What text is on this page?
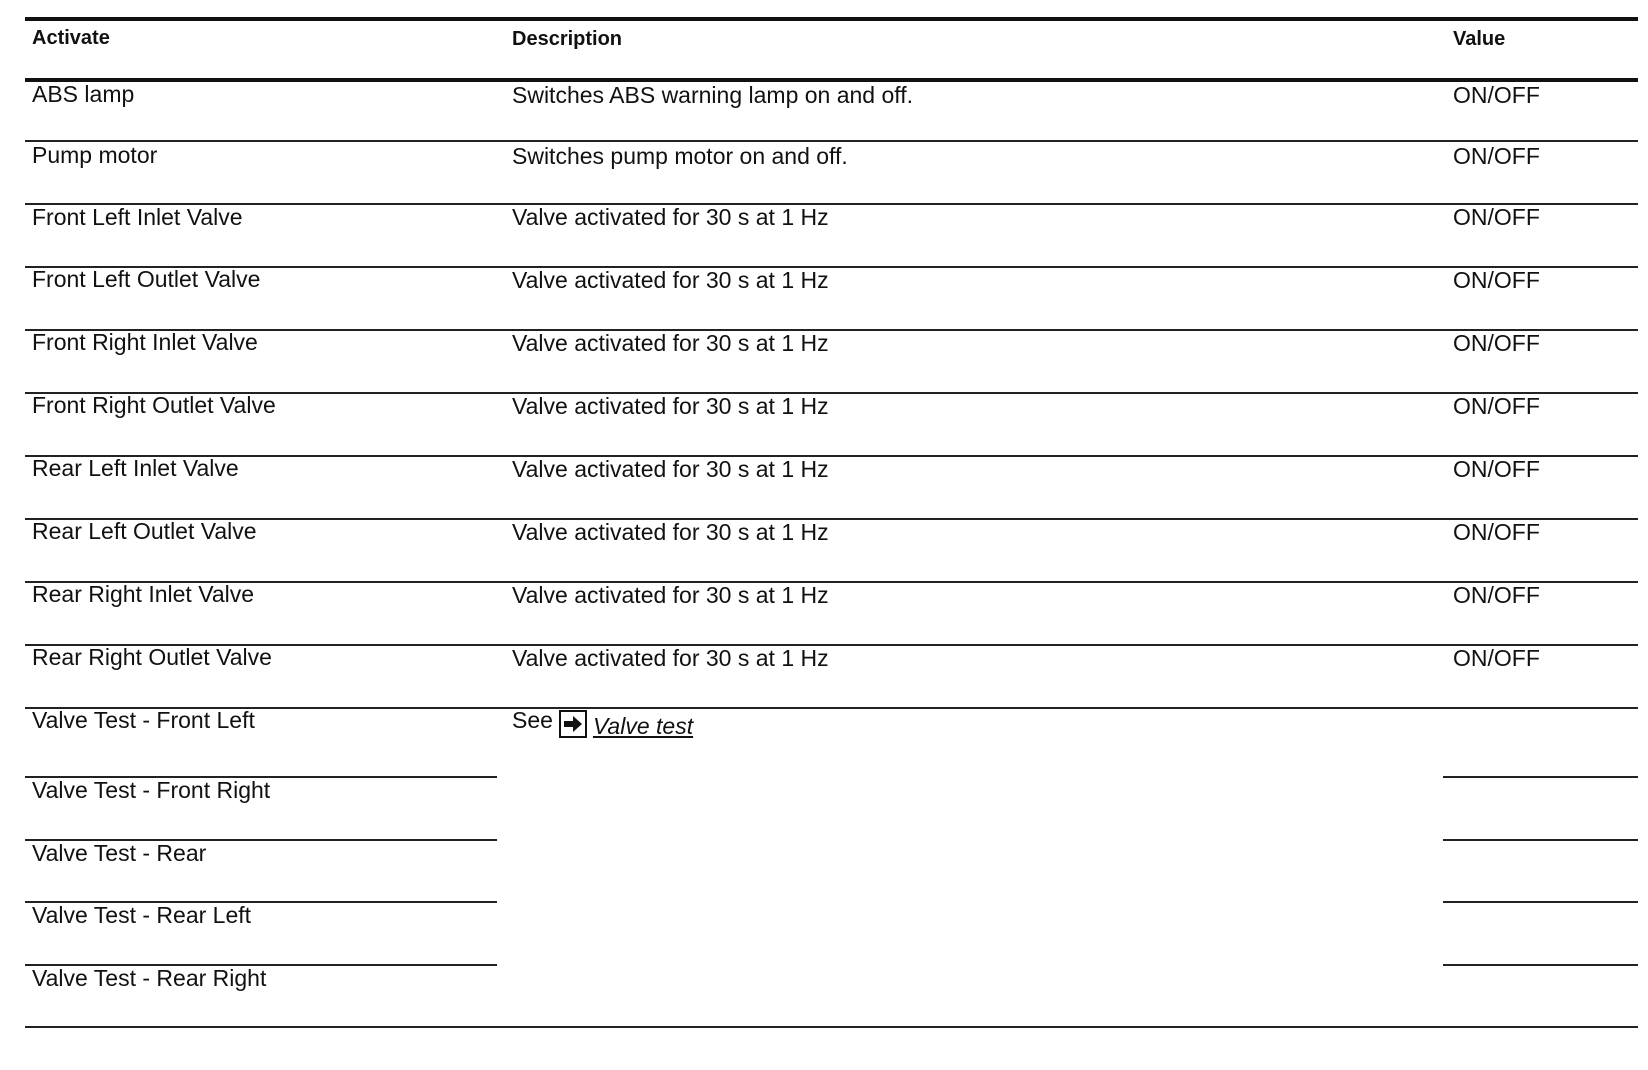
Activate	Description	Value
ABS lamp	Switches ABS warning lamp on and off.	ON/OFF
Pump motor	Switches pump motor on and off.	ON/OFF
Front Left Inlet Valve	Valve activated for 30 s at 1 Hz	ON/OFF
Front Left Outlet Valve	Valve activated for 30 s at 1 Hz	ON/OFF
Front Right Inlet Valve	Valve activated for 30 s at 1 Hz	ON/OFF
Front Right Outlet Valve	Valve activated for 30 s at 1 Hz	ON/OFF
Rear Left Inlet Valve	Valve activated for 30 s at 1 Hz	ON/OFF
Rear Left Outlet Valve	Valve activated for 30 s at 1 Hz	ON/OFF
Rear Right Inlet Valve	Valve activated for 30 s at 1 Hz	ON/OFF
Rear Right Outlet Valve	Valve activated for 30 s at 1 Hz	ON/OFF
Valve Test - Front Left	See Valve test
Valve Test - Front Right
Valve Test - Rear
Valve Test - Rear Left
Valve Test - Rear Right
